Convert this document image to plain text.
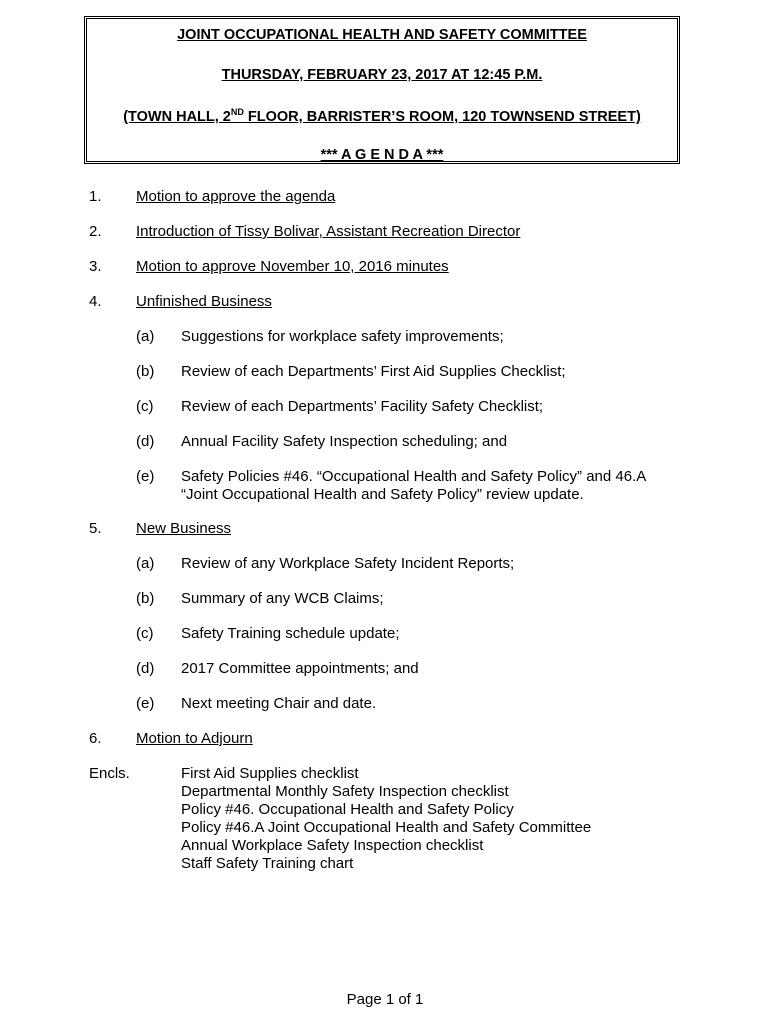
JOINT OCCUPATIONAL HEALTH AND SAFETY COMMITTEE
THURSDAY, FEBRUARY 23, 2017 AT 12:45 P.M.
(TOWN HALL, 2ND FLOOR, BARRISTER’S ROOM, 120 TOWNSEND STREET)
*** A G E N D A ***
1. Motion to approve the agenda
2. Introduction of Tissy Bolivar, Assistant Recreation Director
3. Motion to approve November 10, 2016 minutes
4. Unfinished Business
(a) Suggestions for workplace safety improvements;
(b) Review of each Departments’ First Aid Supplies Checklist;
(c) Review of each Departments’ Facility Safety Checklist;
(d) Annual Facility Safety Inspection scheduling; and
(e) Safety Policies #46. “Occupational Health and Safety Policy” and 46.A
“Joint Occupational Health and Safety Policy” review update.
5. New Business
(a) Review of any Workplace Safety Incident Reports;
(b) Summary of any WCB Claims;
(c) Safety Training schedule update;
(d) 2017 Committee appointments; and
(e) Next meeting Chair and date.
6. Motion to Adjourn
Encls.	First Aid Supplies checklist
Departmental Monthly Safety Inspection checklist
Policy #46. Occupational Health and Safety Policy
Policy #46.A Joint Occupational Health and Safety Committee
Annual Workplace Safety Inspection checklist
Staff Safety Training chart
Page 1 of 1
